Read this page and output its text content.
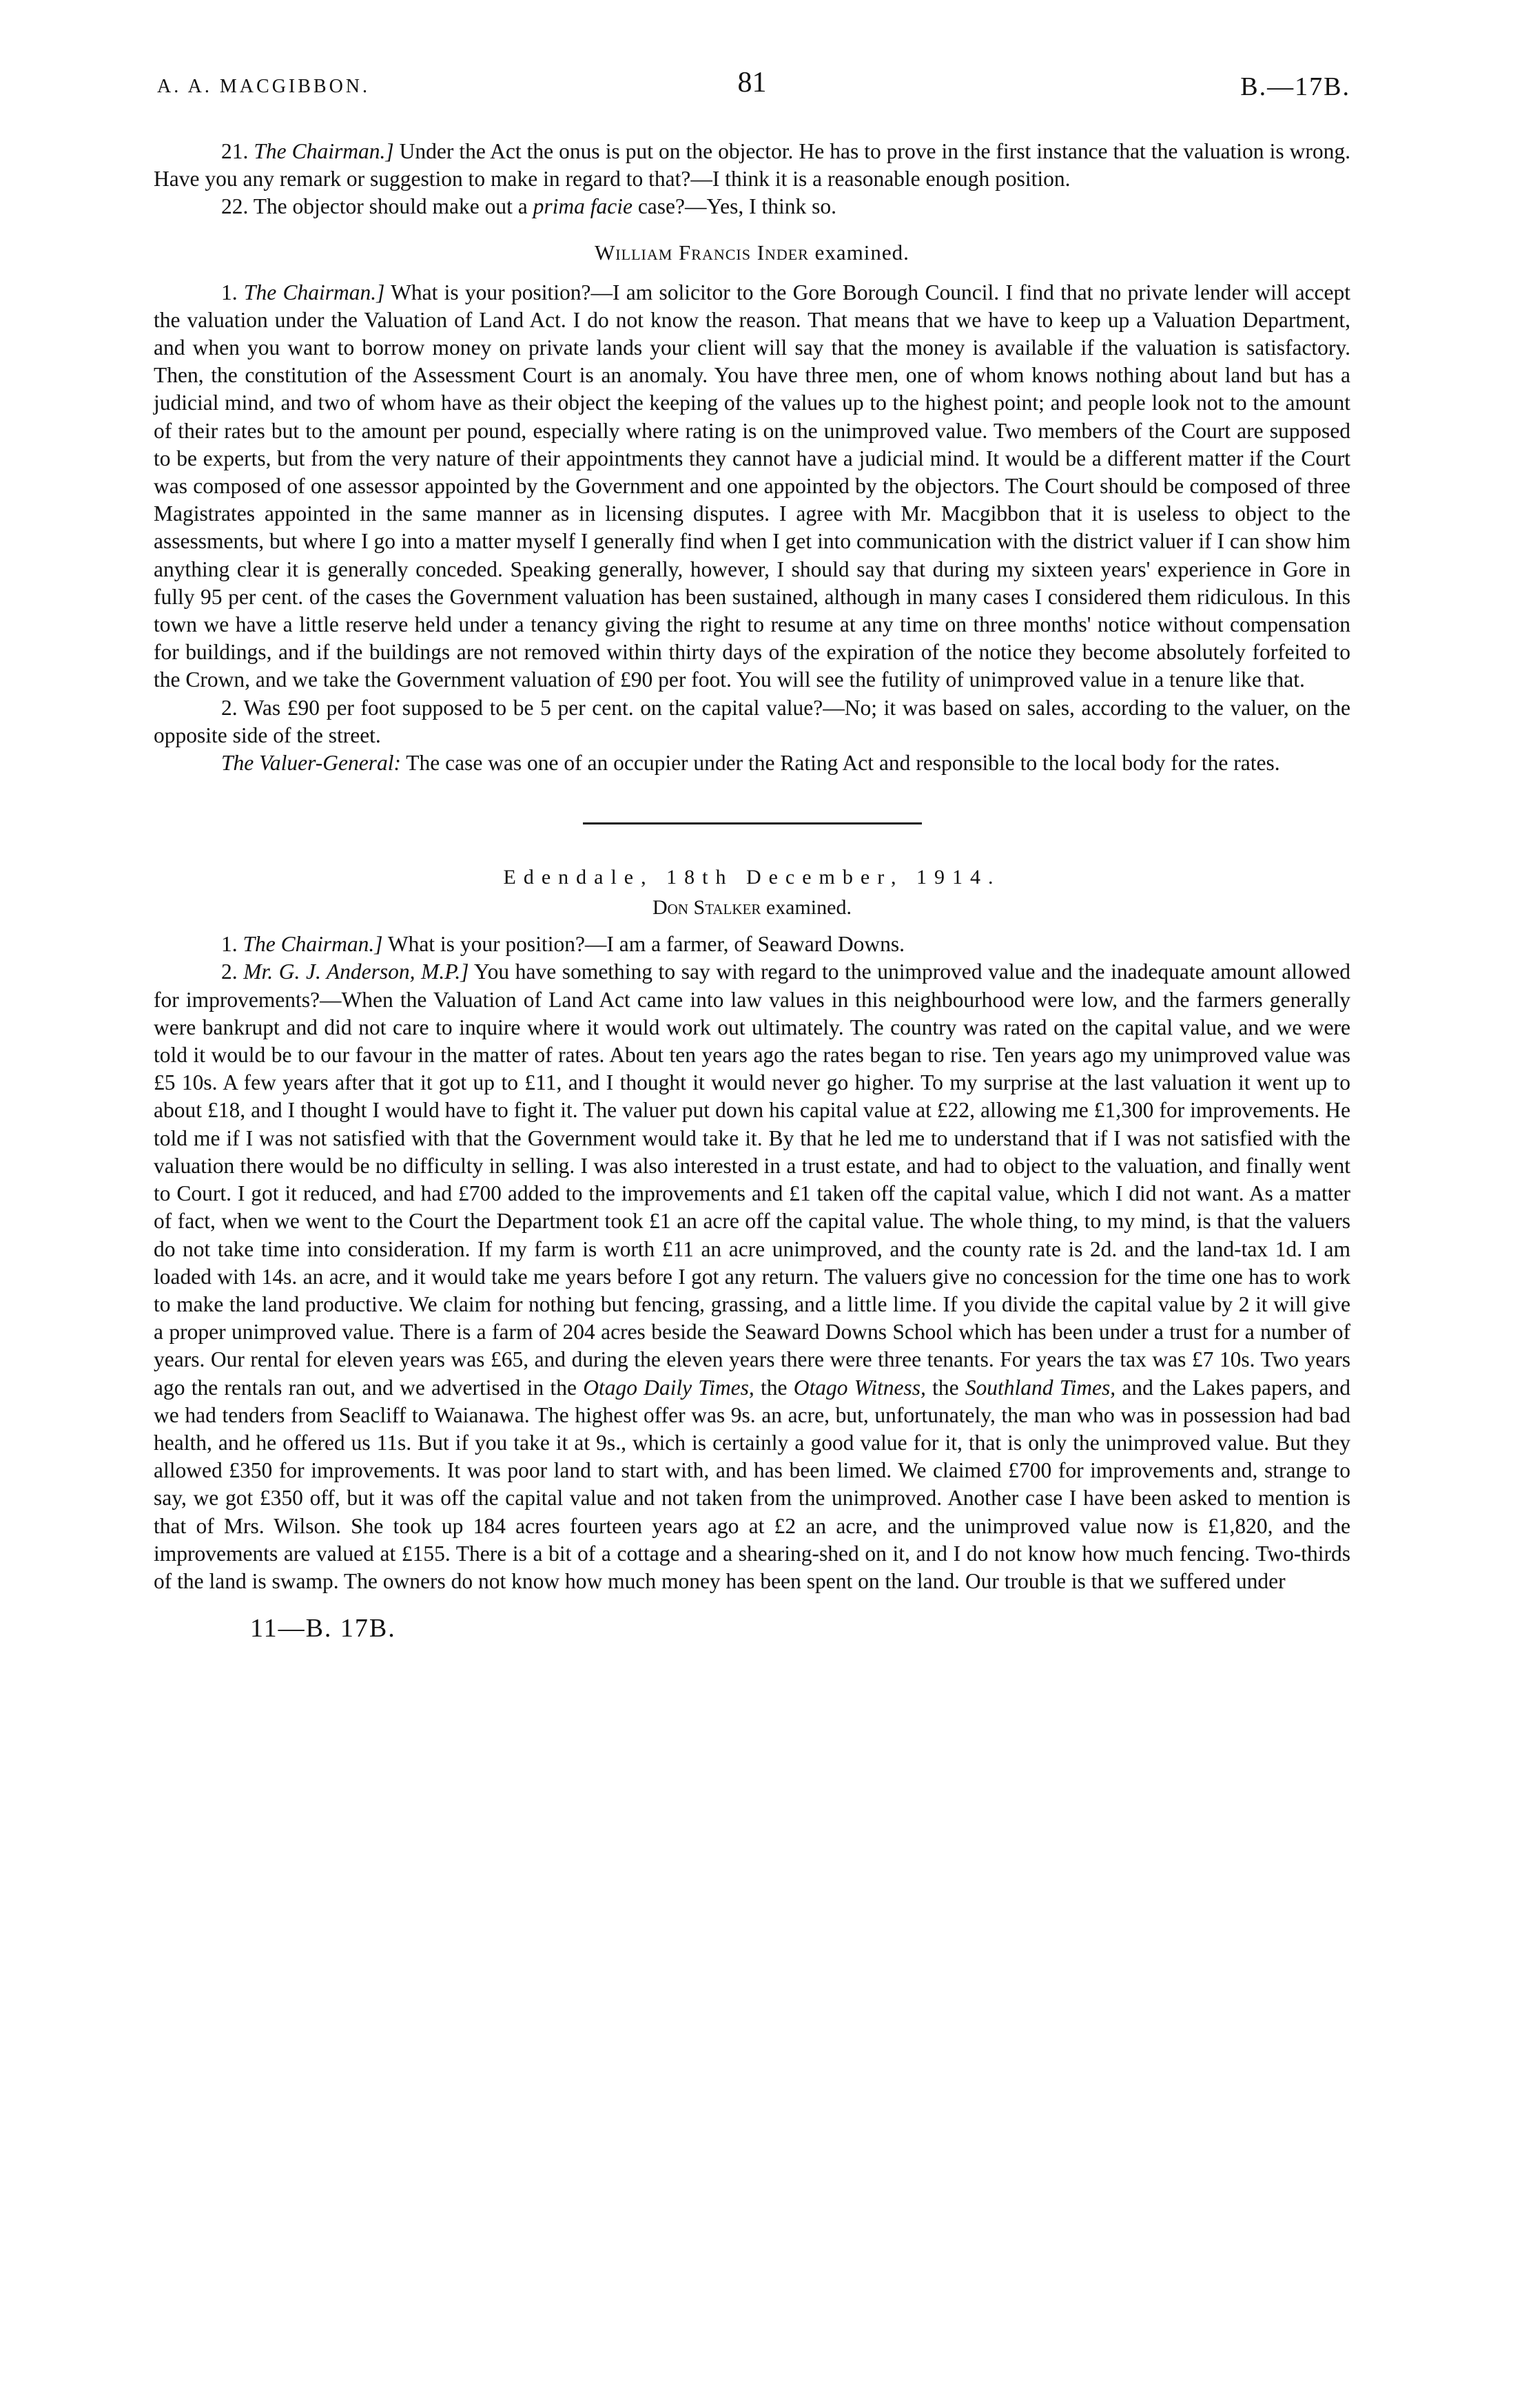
A. A. MACGIBBON.	81	B.—17B.

21. The Chairman.] Under the Act the onus is put on the objector. He has to prove in the first instance that the valuation is wrong. Have you any remark or suggestion to make in regard to that?—I think it is a reasonable enough position.

22. The objector should make out a prima facie case?—Yes, I think so.

William Francis Inder examined.

1. The Chairman.] What is your position?—I am solicitor to the Gore Borough Council. I find that no private lender will accept the valuation under the Valuation of Land Act. I do not know the reason. That means that we have to keep up a Valuation Department, and when you want to borrow money on private lands your client will say that the money is available if the valuation is satisfactory. Then, the constitution of the Assessment Court is an anomaly. You have three men, one of whom knows nothing about land but has a judicial mind, and two of whom have as their object the keeping of the values up to the highest point; and people look not to the amount of their rates but to the amount per pound, especially where rating is on the unimproved value. Two members of the Court are supposed to be experts, but from the very nature of their appointments they cannot have a judicial mind. It would be a different matter if the Court was composed of one assessor appointed by the Government and one appointed by the objectors. The Court should be composed of three Magistrates appointed in the same manner as in licensing disputes. I agree with Mr. Macgibbon that it is useless to object to the assessments, but where I go into a matter myself I generally find when I get into communication with the district valuer if I can show him anything clear it is generally conceded. Speaking generally, however, I should say that during my sixteen years' experience in Gore in fully 95 per cent. of the cases the Government valuation has been sustained, although in many cases I considered them ridiculous. In this town we have a little reserve held under a tenancy giving the right to resume at any time on three months' notice without compensation for buildings, and if the buildings are not removed within thirty days of the expiration of the notice they become absolutely forfeited to the Crown, and we take the Government valuation of £90 per foot. You will see the futility of unimproved value in a tenure like that.

2. Was £90 per foot supposed to be 5 per cent. on the capital value?—No; it was based on sales, according to the valuer, on the opposite side of the street.

The Valuer-General: The case was one of an occupier under the Rating Act and responsible to the local body for the rates.

Edendale, 18th December, 1914.
Don Stalker examined.

1. The Chairman.] What is your position?—I am a farmer, of Seaward Downs.

2. Mr. G. J. Anderson, M.P.] You have something to say with regard to the unimproved value and the inadequate amount allowed for improvements?—When the Valuation of Land Act came into law values in this neighbourhood were low, and the farmers generally were bankrupt and did not care to inquire where it would work out ultimately. The country was rated on the capital value, and we were told it would be to our favour in the matter of rates. About ten years ago the rates began to rise. Ten years ago my unimproved value was £5 10s. A few years after that it got up to £11, and I thought it would never go higher. To my surprise at the last valuation it went up to about £18, and I thought I would have to fight it. The valuer put down his capital value at £22, allowing me £1,300 for improvements. He told me if I was not satisfied with that the Government would take it. By that he led me to understand that if I was not satisfied with the valuation there would be no difficulty in selling. I was also interested in a trust estate, and had to object to the valuation, and finally went to Court. I got it reduced, and had £700 added to the improvements and £1 taken off the capital value, which I did not want. As a matter of fact, when we went to the Court the Department took £1 an acre off the capital value. The whole thing, to my mind, is that the valuers do not take time into consideration. If my farm is worth £11 an acre unimproved, and the county rate is 2d. and the land-tax 1d. I am loaded with 14s. an acre, and it would take me years before I got any return. The valuers give no concession for the time one has to work to make the land productive. We claim for nothing but fencing, grassing, and a little lime. If you divide the capital value by 2 it will give a proper unimproved value. There is a farm of 204 acres beside the Seaward Downs School which has been under a trust for a number of years. Our rental for eleven years was £65, and during the eleven years there were three tenants. For years the tax was £7 10s. Two years ago the rentals ran out, and we advertised in the Otago Daily Times, the Otago Witness, the Southland Times, and the Lakes papers, and we had tenders from Seacliff to Waianawa. The highest offer was 9s. an acre, but, unfortunately, the man who was in possession had bad health, and he offered us 11s. But if you take it at 9s., which is certainly a good value for it, that is only the unimproved value. But they allowed £350 for improvements. It was poor land to start with, and has been limed. We claimed £700 for improvements and, strange to say, we got £350 off, but it was off the capital value and not taken from the unimproved. Another case I have been asked to mention is that of Mrs. Wilson. She took up 184 acres fourteen years ago at £2 an acre, and the unimproved value now is £1,820, and the improvements are valued at £155. There is a bit of a cottage and a shearing-shed on it, and I do not know how much fencing. Two-thirds of the land is swamp. The owners do not know how much money has been spent on the land. Our trouble is that we suffered under

11—B. 17B.
